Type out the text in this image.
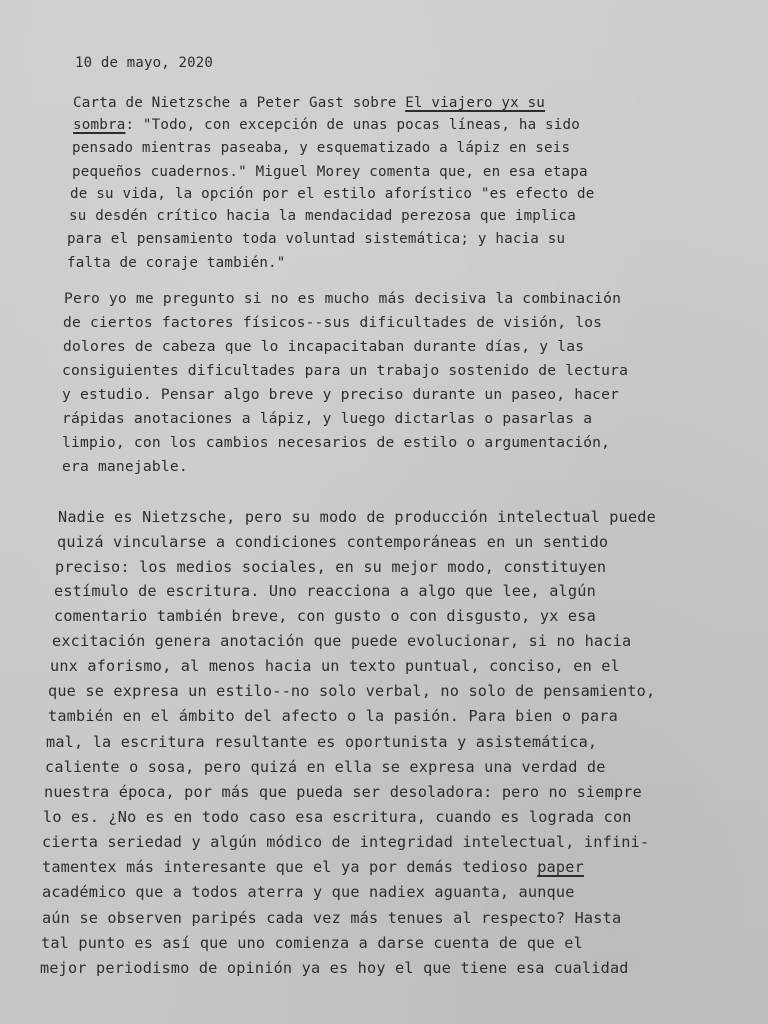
10 de mayo, 2020
Carta de Nietzsche a Peter Gast sobre El viajero yx su
sombra: "Todo, con excepción de unas pocas líneas, ha sido
pensado mientras paseaba, y esquematizado a lápiz en seis
pequeños cuadernos." Miguel Morey comenta que, en esa etapa
de su vida, la opción por el estilo aforístico "es efecto de
su desdén crítico hacia la mendacidad perezosa que implica
para el pensamiento toda voluntad sistemática; y hacia su
falta de coraje también."
Pero yo me pregunto si no es mucho más decisiva la combinación
de ciertos factores físicos--sus dificultades de visión, los
dolores de cabeza que lo incapacitaban durante días, y las
consiguientes dificultades para un trabajo sostenido de lectura
y estudio. Pensar algo breve y preciso durante un paseo, hacer
rápidas anotaciones a lápiz, y luego dictarlas o pasarlas a
limpio, con los cambios necesarios de estilo o argumentación,
era manejable.
Nadie es Nietzsche, pero su modo de producción intelectual puede
quizá vincularse a condiciones contemporáneas en un sentido
preciso: los medios sociales, en su mejor modo, constituyen
estímulo de escritura. Uno reacciona a algo que lee, algún
comentario también breve, con gusto o con disgusto, yx esa
excitación genera anotación que puede evolucionar, si no hacia
unx aforismo, al menos hacia un texto puntual, conciso, en el
que se expresa un estilo--no solo verbal, no solo de pensamiento,
también en el ámbito del afecto o la pasión. Para bien o para
mal, la escritura resultante es oportunista y asistemática,
caliente o sosa, pero quizá en ella se expresa una verdad de
nuestra época, por más que pueda ser desoladora: pero no siempre
lo es. ¿No es en todo caso esa escritura, cuando es lograda con
cierta seriedad y algún módico de integridad intelectual, infini-
tamentex más interesante que el ya por demás tedioso paper
académico que a todos aterra y que nadiex aguanta, aunque
aún se observen paripés cada vez más tenues al respecto? Hasta
tal punto es así que uno comienza a darse cuenta de que el
mejor periodismo de opinión ya es hoy el que tiene esa cualidad
